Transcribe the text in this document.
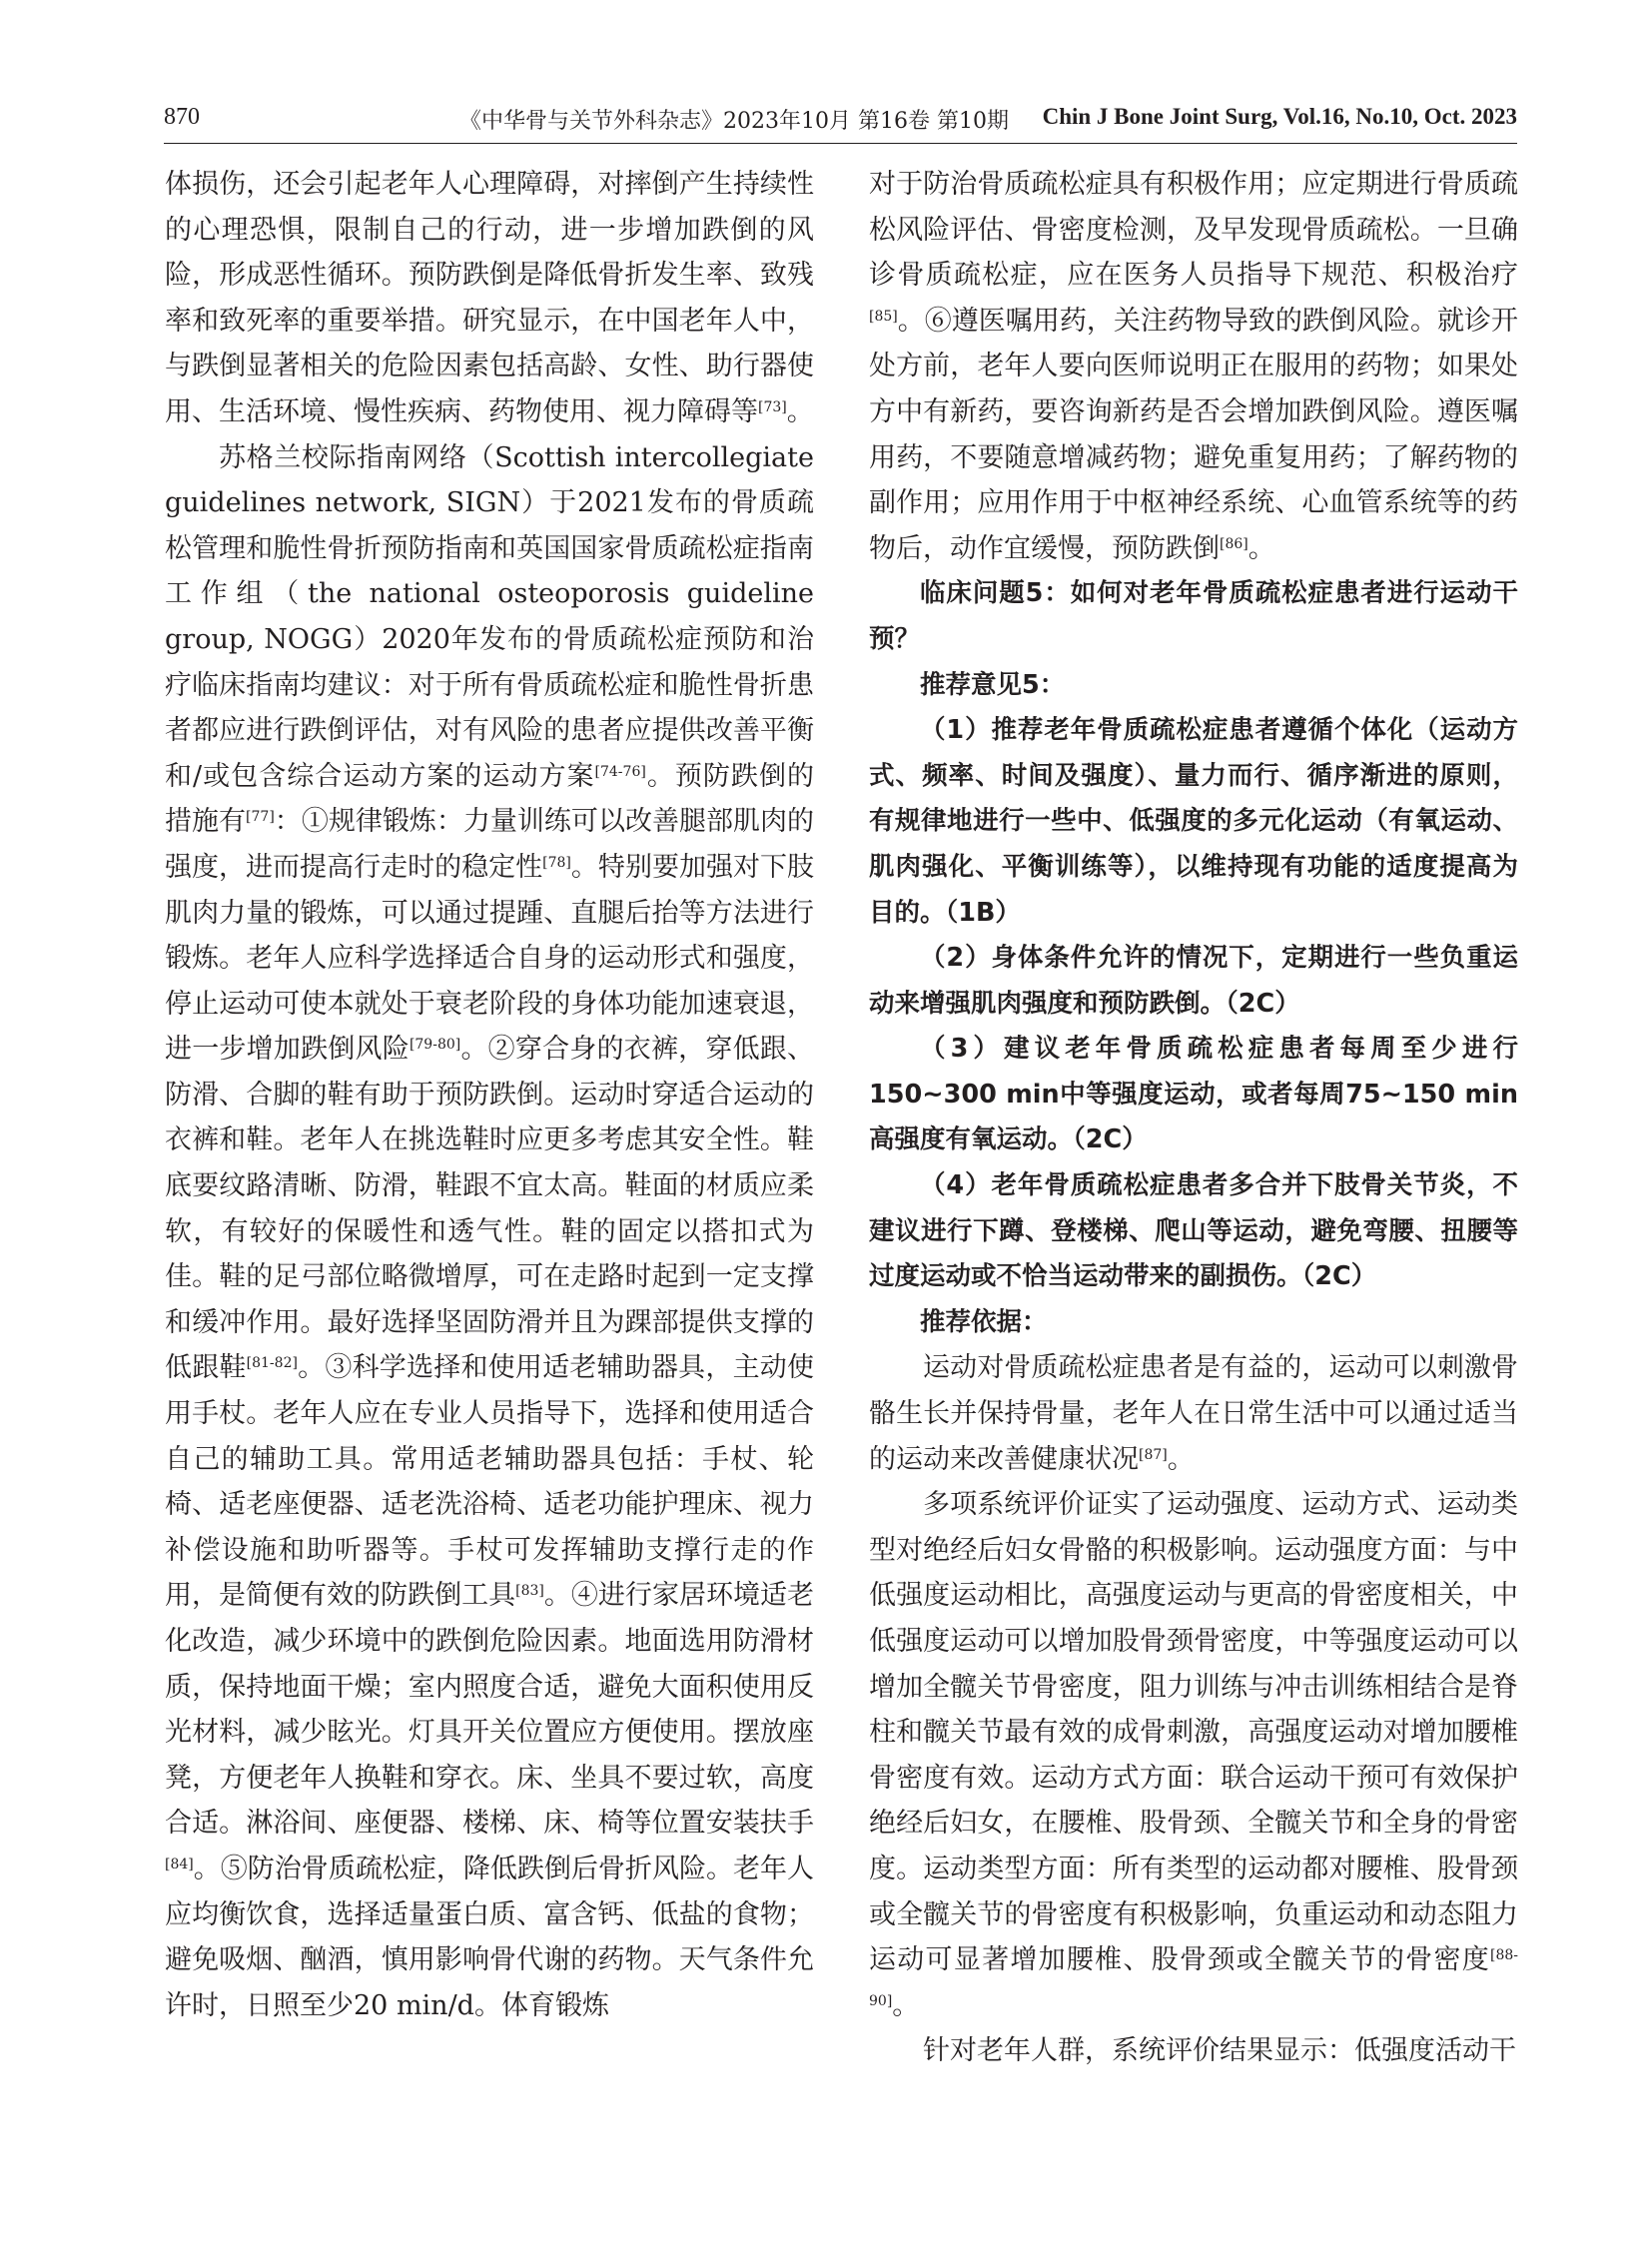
870	《中华骨与关节外科杂志》2023年10月 第16卷 第10期 Chin J Bone Joint Surg, Vol.16, No.10, Oct. 2023

体损伤，还会引起老年人心理障碍，对摔倒产生持续性的心理恐惧，限制自己的行动，进一步增加跌倒的风险，形成恶性循环。预防跌倒是降低骨折发生率、致残率和致死率的重要举措。研究显示，在中国老年人中，与跌倒显著相关的危险因素包括高龄、女性、助行器使用、生活环境、慢性疾病、药物使用、视力障碍等[73]。

苏格兰校际指南网络（Scottish intercollegiate guidelines network, SIGN）于2021发布的骨质疏松管理和脆性骨折预防指南和英国国家骨质疏松症指南工作组（the national osteoporosis guideline group, NOGG）2020年发布的骨质疏松症预防和治疗临床指南均建议：对于所有骨质疏松症和脆性骨折患者都应进行跌倒评估，对有风险的患者应提供改善平衡和/或包含综合运动方案的运动方案[74-76]。预防跌倒的措施有[77]：①规律锻炼：力量训练可以改善腿部肌肉的强度，进而提高行走时的稳定性[78]。特别要加强对下肢肌肉力量的锻炼，可以通过提踵、直腿后抬等方法进行锻炼。老年人应科学选择适合自身的运动形式和强度，停止运动可使本就处于衰老阶段的身体功能加速衰退，进一步增加跌倒风险[79-80]。②穿合身的衣裤，穿低跟、防滑、合脚的鞋有助于预防跌倒。运动时穿适合运动的衣裤和鞋。老年人在挑选鞋时应更多考虑其安全性。鞋底要纹路清晰、防滑，鞋跟不宜太高。鞋面的材质应柔软，有较好的保暖性和透气性。鞋的固定以搭扣式为佳。鞋的足弓部位略微增厚，可在走路时起到一定支撑和缓冲作用。最好选择坚固防滑并且为踝部提供支撑的低跟鞋[81-82]。③科学选择和使用适老辅助器具，主动使用手杖。老年人应在专业人员指导下，选择和使用适合自己的辅助工具。常用适老辅助器具包括：手杖、轮椅、适老座便器、适老洗浴椅、适老功能护理床、视力补偿设施和助听器等。手杖可发挥辅助支撑行走的作用，是简便有效的防跌倒工具[83]。④进行家居环境适老化改造，减少环境中的跌倒危险因素。地面选用防滑材质，保持地面干燥；室内照度合适，避免大面积使用反光材料，减少眩光。灯具开关位置应方便使用。摆放座凳，方便老年人换鞋和穿衣。床、坐具不要过软，高度合适。淋浴间、座便器、楼梯、床、椅等位置安装扶手[84]。⑤防治骨质疏松症，降低跌倒后骨折风险。老年人应均衡饮食，选择适量蛋白质、富含钙、低盐的食物；避免吸烟、酗酒，慎用影响骨代谢的药物。天气条件允许时，日照至少20 min/d。体育锻炼

对于防治骨质疏松症具有积极作用；应定期进行骨质疏松风险评估、骨密度检测，及早发现骨质疏松。一旦确诊骨质疏松症，应在医务人员指导下规范、积极治疗[85]。⑥遵医嘱用药，关注药物导致的跌倒风险。就诊开处方前，老年人要向医师说明正在服用的药物；如果处方中有新药，要咨询新药是否会增加跌倒风险。遵医嘱用药，不要随意增减药物；避免重复用药；了解药物的副作用；应用作用于中枢神经系统、心血管系统等的药物后，动作宜缓慢，预防跌倒[86]。

临床问题5：如何对老年骨质疏松症患者进行运动干预？

推荐意见5：

（1）推荐老年骨质疏松症患者遵循个体化（运动方式、频率、时间及强度）、量力而行、循序渐进的原则，有规律地进行一些中、低强度的多元化运动（有氧运动、肌肉强化、平衡训练等），以维持现有功能的适度提高为目的。（1B）

（2）身体条件允许的情况下，定期进行一些负重运动来增强肌肉强度和预防跌倒。（2C）

（3）建议老年骨质疏松症患者每周至少进行150~300 min中等强度运动，或者每周75~150 min高强度有氧运动。（2C）

（4）老年骨质疏松症患者多合并下肢骨关节炎，不建议进行下蹲、登楼梯、爬山等运动，避免弯腰、扭腰等过度运动或不恰当运动带来的副损伤。（2C）

推荐依据：

运动对骨质疏松症患者是有益的，运动可以刺激骨骼生长并保持骨量，老年人在日常生活中可以通过适当的运动来改善健康状况[87]。

多项系统评价证实了运动强度、运动方式、运动类型对绝经后妇女骨骼的积极影响。运动强度方面：与中低强度运动相比，高强度运动与更高的骨密度相关，中低强度运动可以增加股骨颈骨密度，中等强度运动可以增加全髋关节骨密度，阻力训练与冲击训练相结合是脊柱和髋关节最有效的成骨刺激，高强度运动对增加腰椎骨密度有效。运动方式方面：联合运动干预可有效保护绝经后妇女，在腰椎、股骨颈、全髋关节和全身的骨密度。运动类型方面：所有类型的运动都对腰椎、股骨颈或全髋关节的骨密度有积极影响，负重运动和动态阻力运动可显著增加腰椎、股骨颈或全髋关节的骨密度[88-90]。

针对老年人群，系统评价结果显示：低强度活动干
